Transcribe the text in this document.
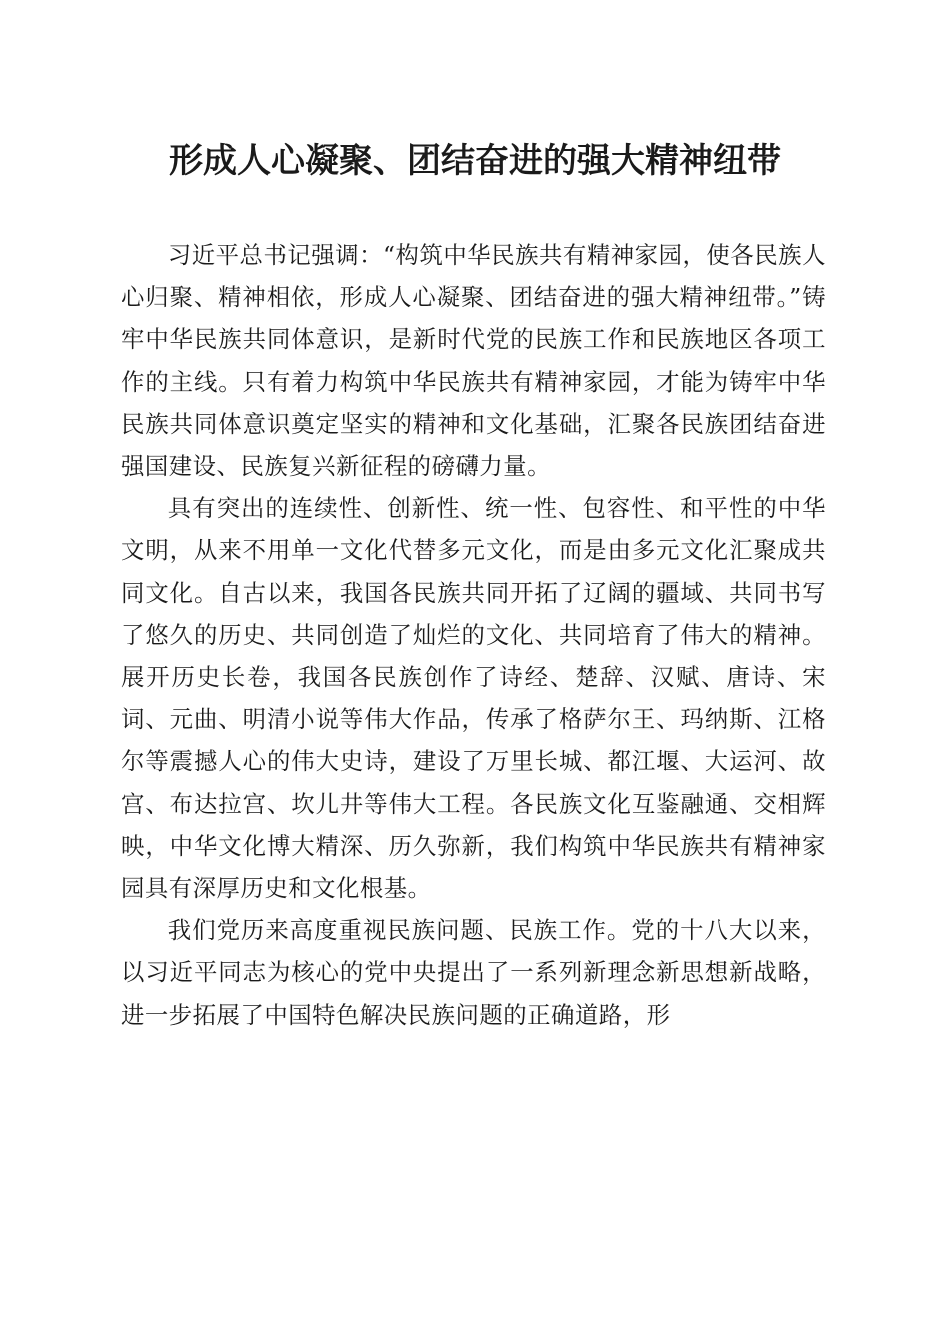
形成人心凝聚、团结奋进的强大精神纽带

习近平总书记强调：“构筑中华民族共有精神家园，使各民族人心归聚、精神相依，形成人心凝聚、团结奋进的强大精神纽带。”铸牢中华民族共同体意识，是新时代党的民族工作和民族地区各项工作的主线。只有着力构筑中华民族共有精神家园，才能为铸牢中华民族共同体意识奠定坚实的精神和文化基础，汇聚各民族团结奋进强国建设、民族复兴新征程的磅礴力量。

具有突出的连续性、创新性、统一性、包容性、和平性的中华文明，从来不用单一文化代替多元文化，而是由多元文化汇聚成共同文化。自古以来，我国各民族共同开拓了辽阔的疆域、共同书写了悠久的历史、共同创造了灿烂的文化、共同培育了伟大的精神。展开历史长卷，我国各民族创作了诗经、楚辞、汉赋、唐诗、宋词、元曲、明清小说等伟大作品，传承了格萨尔王、玛纳斯、江格尔等震撼人心的伟大史诗，建设了万里长城、都江堰、大运河、故宫、布达拉宫、坎儿井等伟大工程。各民族文化互鉴融通、交相辉映，中华文化博大精深、历久弥新，我们构筑中华民族共有精神家园具有深厚历史和文化根基。

我们党历来高度重视民族问题、民族工作。党的十八大以来，以习近平同志为核心的党中央提出了一系列新理念新思想新战略，进一步拓展了中国特色解决民族问题的正确道路，形
